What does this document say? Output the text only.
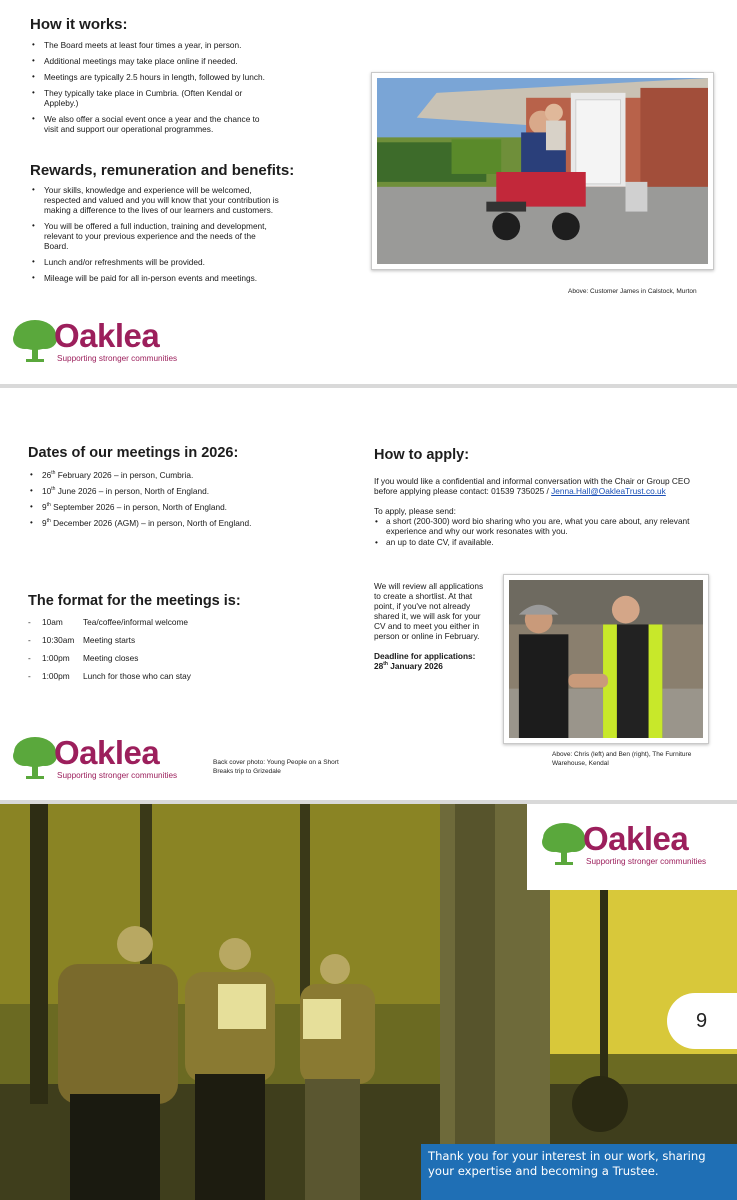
How it works:
• The Board meets at least four times a year, in person.
• Additional meetings may take place online if needed.
• Meetings are typically 2.5 hours in length, followed by lunch.
• They typically take place in Cumbria. (Often Kendal or Appleby.)
• We also offer a social event once a year and the chance to visit and support our operational programmes.
Rewards, remuneration and benefits:
• Your skills, knowledge and experience will be welcomed, respected and valued and you will know that your contribution is making a difference to the lives of our learners and customers.
• You will be offered a full induction, training and development, relevant to your previous experience and the needs of the Board.
• Lunch and/or refreshments will be provided.
• Mileage will be paid for all in-person events and meetings.
Above: Customer James in Calstock, Murton
Oaklea
Supporting stronger communities
Dates of our meetings in 2026:
• 26th February 2026 – in person, Cumbria.
• 10th June 2026 – in person, North of England.
• 9th September 2026 – in person, North of England.
• 9th December 2026 (AGM) – in person, North of England.
The format for the meetings is:
-	10am	Tea/coffee/informal welcome
-	10:30am	Meeting starts
-	1:00pm	Meeting closes
-	1:00pm	Lunch for those who can stay
How to apply:

If you would like a confidential and informal conversation with the Chair or Group CEO before applying please contact: 01539 735025 / Jenna.Hall@OakleaTrust.co.uk

To apply, please send:
• a short (200-300) word bio sharing who you are, what you care about, any relevant experience and why our work resonates with you.
• an up to date CV, if available.
We will review all applications to create a shortlist. At that point, if you've not already shared it, we will ask for your CV and to meet you either in person or online in February.
Deadline for applications:
28th January 2026
Above: Chris (left) and Ben (right), The Furniture Warehouse, Kendal
Back cover photo: Young People on a Short Breaks trip to Grizedale
Oaklea
Supporting stronger communities
Oaklea
Supporting stronger communities
9
Thank you for your interest in our work, sharing your expertise and becoming a Trustee.
